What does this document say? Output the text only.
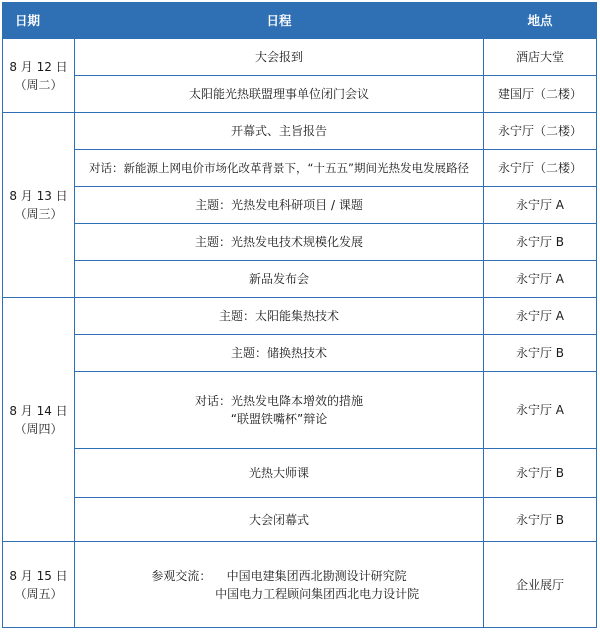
日期	日程	地点
8 月 12 日
（周二）	大会报到	酒店大堂
	太阳能光热联盟理事单位闭门会议	建国厅（二楼）
8 月 13 日
（周三）	开幕式、主旨报告	永宁厅（二楼）
	对话：新能源上网电价市场化改革背景下，“十五五”期间光热发电发展路径	永宁厅（二楼）
	主题：光热发电科研项目 / 课题	永宁厅 A
	主题：光热发电技术规模化发展	永宁厅 B
	新品发布会	永宁厅 A
8 月 14 日
（周四）	主题：太阳能集热技术	永宁厅 A
	主题：储换热技术	永宁厅 B
	对话：光热发电降本增效的措施
“联盟铁嘴杯”辩论	永宁厅 A
	光热大师课	永宁厅 B
	大会闭幕式	永宁厅 B
8 月 15 日
（周五）	参观交流：    中国电建集团西北勘测设计研究院
中国电力工程顾问集团西北电力设计院	企业展厅
